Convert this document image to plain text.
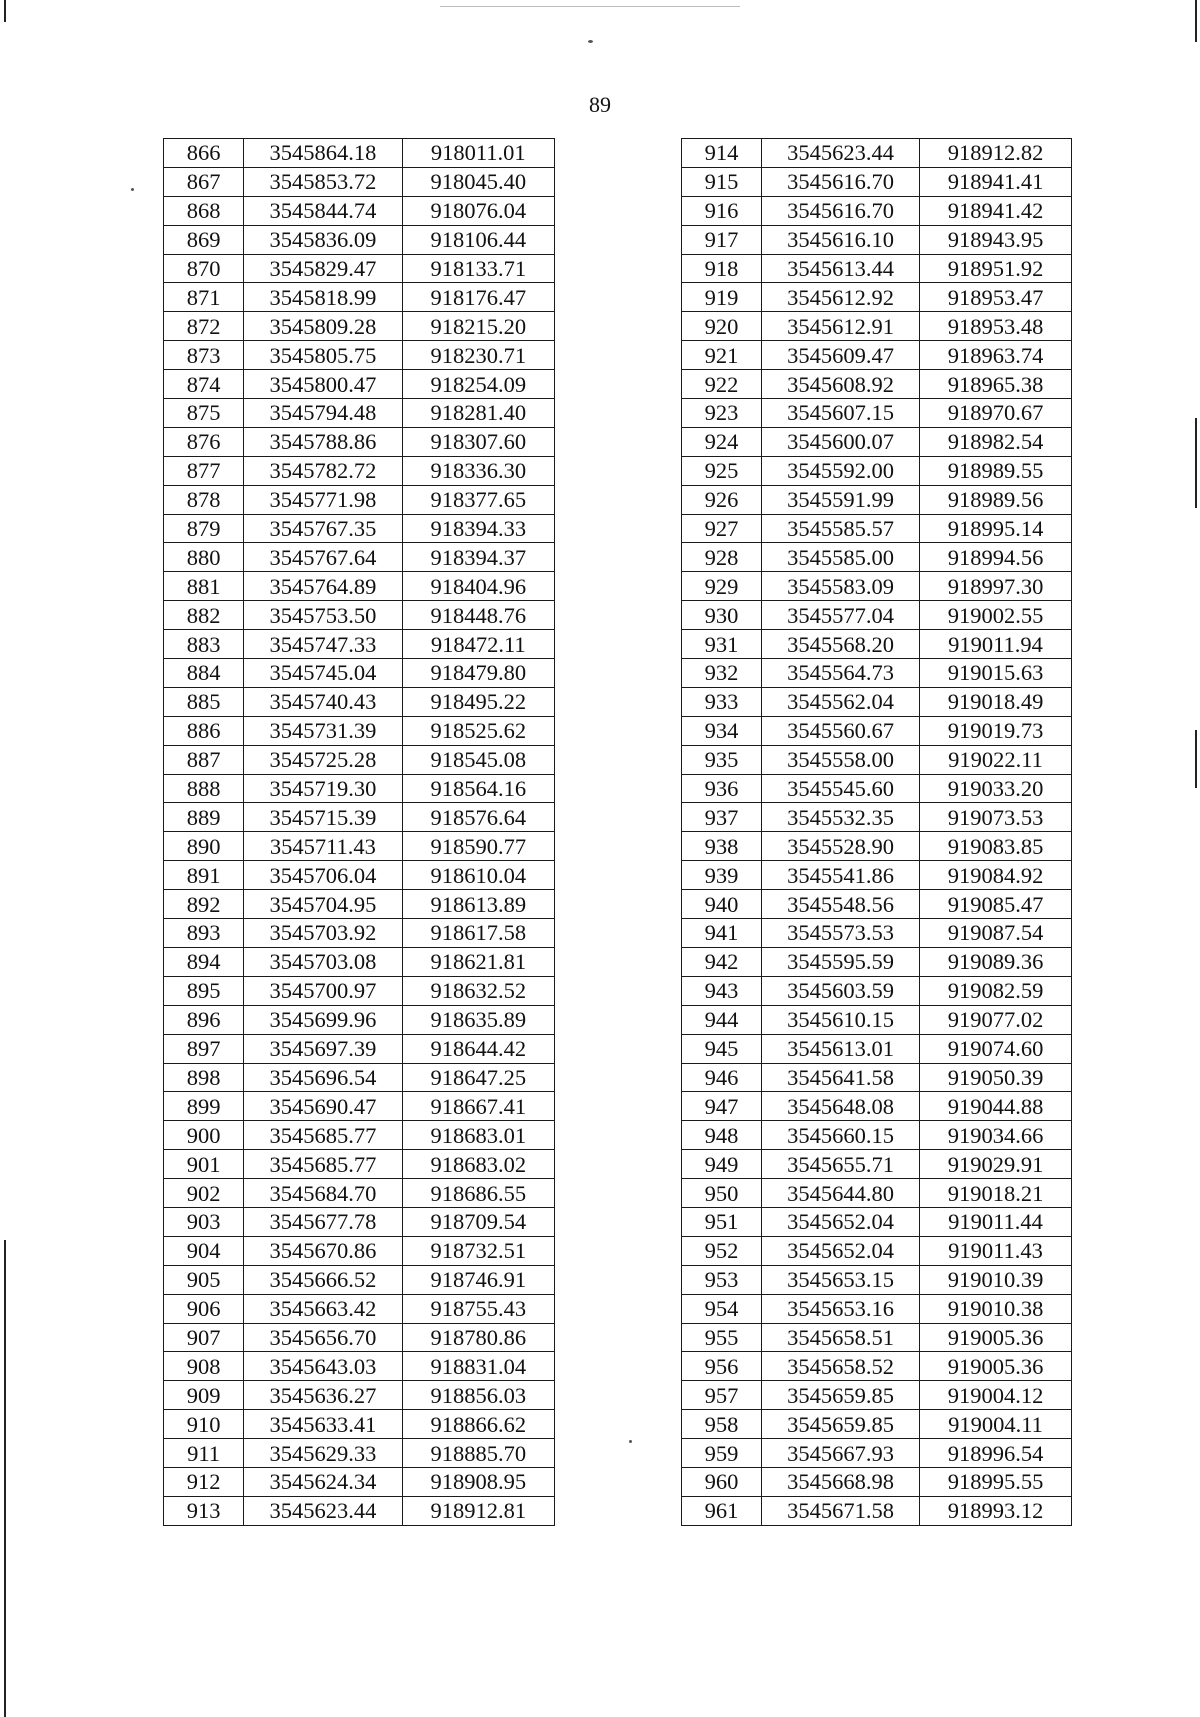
89
866	3545864.18	918011.01
867	3545853.72	918045.40
868	3545844.74	918076.04
869	3545836.09	918106.44
870	3545829.47	918133.71
871	3545818.99	918176.47
872	3545809.28	918215.20
873	3545805.75	918230.71
874	3545800.47	918254.09
875	3545794.48	918281.40
876	3545788.86	918307.60
877	3545782.72	918336.30
878	3545771.98	918377.65
879	3545767.35	918394.33
880	3545767.64	918394.37
881	3545764.89	918404.96
882	3545753.50	918448.76
883	3545747.33	918472.11
884	3545745.04	918479.80
885	3545740.43	918495.22
886	3545731.39	918525.62
887	3545725.28	918545.08
888	3545719.30	918564.16
889	3545715.39	918576.64
890	3545711.43	918590.77
891	3545706.04	918610.04
892	3545704.95	918613.89
893	3545703.92	918617.58
894	3545703.08	918621.81
895	3545700.97	918632.52
896	3545699.96	918635.89
897	3545697.39	918644.42
898	3545696.54	918647.25
899	3545690.47	918667.41
900	3545685.77	918683.01
901	3545685.77	918683.02
902	3545684.70	918686.55
903	3545677.78	918709.54
904	3545670.86	918732.51
905	3545666.52	918746.91
906	3545663.42	918755.43
907	3545656.70	918780.86
908	3545643.03	918831.04
909	3545636.27	918856.03
910	3545633.41	918866.62
911	3545629.33	918885.70
912	3545624.34	918908.95
913	3545623.44	918912.81
914	3545623.44	918912.82
915	3545616.70	918941.41
916	3545616.70	918941.42
917	3545616.10	918943.95
918	3545613.44	918951.92
919	3545612.92	918953.47
920	3545612.91	918953.48
921	3545609.47	918963.74
922	3545608.92	918965.38
923	3545607.15	918970.67
924	3545600.07	918982.54
925	3545592.00	918989.55
926	3545591.99	918989.56
927	3545585.57	918995.14
928	3545585.00	918994.56
929	3545583.09	918997.30
930	3545577.04	919002.55
931	3545568.20	919011.94
932	3545564.73	919015.63
933	3545562.04	919018.49
934	3545560.67	919019.73
935	3545558.00	919022.11
936	3545545.60	919033.20
937	3545532.35	919073.53
938	3545528.90	919083.85
939	3545541.86	919084.92
940	3545548.56	919085.47
941	3545573.53	919087.54
942	3545595.59	919089.36
943	3545603.59	919082.59
944	3545610.15	919077.02
945	3545613.01	919074.60
946	3545641.58	919050.39
947	3545648.08	919044.88
948	3545660.15	919034.66
949	3545655.71	919029.91
950	3545644.80	919018.21
951	3545652.04	919011.44
952	3545652.04	919011.43
953	3545653.15	919010.39
954	3545653.16	919010.38
955	3545658.51	919005.36
956	3545658.52	919005.36
957	3545659.85	919004.12
958	3545659.85	919004.11
959	3545667.93	918996.54
960	3545668.98	918995.55
961	3545671.58	918993.12
